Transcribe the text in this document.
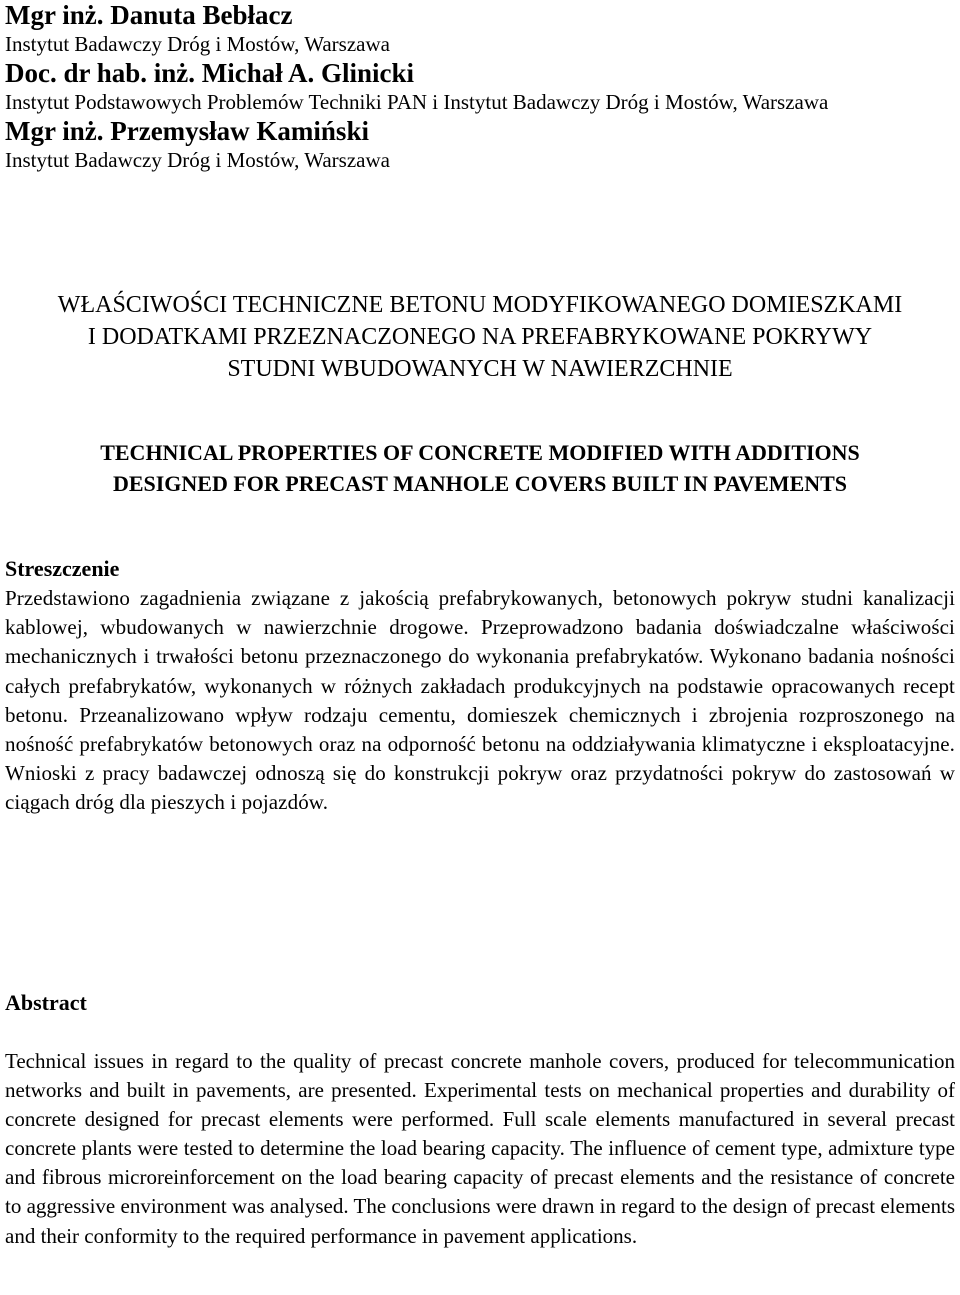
Mgr inż. Danuta Bebłacz

Instytut Badawczy Dróg i Mostów, Warszawa

Doc. dr hab. inż. Michał A. Glinicki

Instytut Podstawowych Problemów Techniki PAN i Instytut Badawczy Dróg i Mostów, Warszawa

Mgr inż. Przemysław Kamiński

Instytut Badawczy Dróg i Mostów, Warszawa

WŁAŚCIWOŚCI TECHNICZNE BETONU MODYFIKOWANEGO DOMIESZKAMI
I DODATKAMI PRZEZNACZONEGO NA PREFABRYKOWANE POKRYWY
STUDNI WBUDOWANYCH W NAWIERZCHNIE
TECHNICAL PROPERTIES OF CONCRETE MODIFIED WITH ADDITIONS
DESIGNED FOR PRECAST MANHOLE COVERS BUILT IN PAVEMENTS

Streszczenie

Przedstawiono zagadnienia związane z jakością prefabrykowanych, betonowych pokryw studni kanalizacji kablowej, wbudowanych w nawierzchnie drogowe. Przeprowadzono badania doświadczalne właściwości mechanicznych i trwałości betonu przeznaczonego do wykonania prefabrykatów. Wykonano badania nośności całych prefabrykatów, wykonanych w różnych zakładach produkcyjnych na podstawie opracowanych recept betonu. Przeanalizowano wpływ rodzaju cementu, domieszek chemicznych i zbrojenia rozproszonego na nośność prefabrykatów betonowych oraz na odporność betonu na oddziaływania klimatyczne i eksploatacyjne. Wnioski z pracy badawczej odnoszą się do konstrukcji pokryw oraz przydatności pokryw do zastosowań w ciągach dróg dla pieszych i pojazdów.

Abstract

Technical issues in regard to the quality of precast concrete manhole covers, produced for telecommunication networks and built in pavements, are presented. Experimental tests on mechanical properties and durability of concrete designed for precast elements were performed. Full scale elements manufactured in several precast concrete plants were tested to determine the load bearing capacity. The influence of cement type, admixture type and fibrous microreinforcement on the load bearing capacity of precast elements and the resistance of concrete to aggressive environment was analysed. The conclusions were drawn in regard to the design of precast elements and their conformity to the required performance in pavement applications.
